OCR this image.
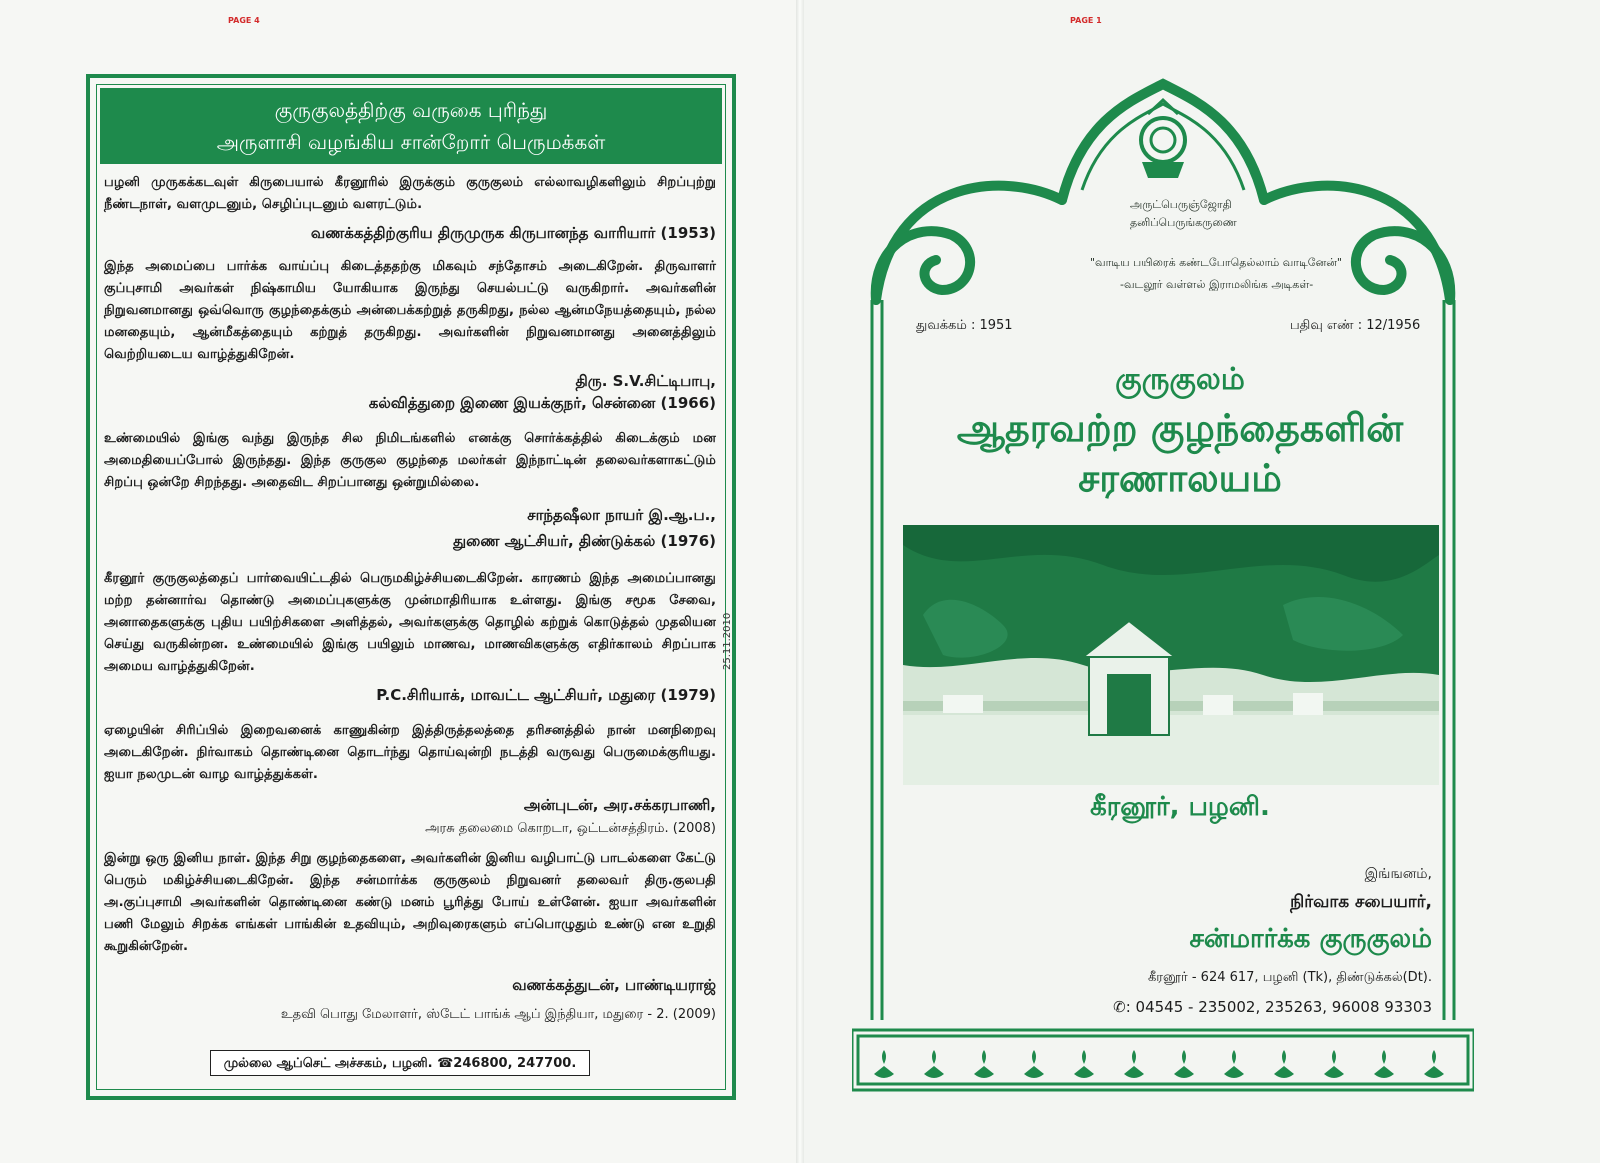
PAGE 4	PAGE 1
குருகுலத்திற்கு வருகை புரிந்து
அருளாசி வழங்கிய சான்றோர் பெருமக்கள்
பழனி முருகக்கடவுள் கிருபையால் கீரனூரில் இருக்கும் குருகுலம் எல்லாவழிகளிலும் சிறப்புற்று நீண்டநாள், வளமுடனும், செழிப்புடனும் வளரட்டும்.
வணக்கத்திற்குரிய திருமுருக கிருபானந்த வாரியார் (1953)
இந்த அமைப்பை பார்க்க வாய்ப்பு கிடைத்ததற்கு மிகவும் சந்தோசம் அடைகிறேன். திருவாளர் குப்புசாமி அவர்கள் நிஷ்காமிய யோகியாக இருந்து செயல்பட்டு வருகிறார். அவர்களின் நிறுவனமானது ஒவ்வொரு குழந்தைக்கும் அன்பைக்கற்றுத் தருகிறது, நல்ல ஆன்மநேயத்தையும், நல்ல மனதையும், ஆன்மீகத்தையும் கற்றுத் தருகிறது. அவர்களின் நிறுவனமானது அனைத்திலும் வெற்றியடைய வாழ்த்துகிறேன்.
திரு. S.V.சிட்டிபாபு,
கல்வித்துறை இணை இயக்குநர், சென்னை (1966)
உண்மையில் இங்கு வந்து இருந்த சில நிமிடங்களில் எனக்கு சொர்க்கத்தில் கிடைக்கும் மன அமைதியைப்போல் இருந்தது. இந்த குருகுல குழந்தை மலர்கள் இந்நாட்டின் தலைவர்களாகட்டும் சிறப்பு ஒன்றே சிறந்தது. அதைவிட சிறப்பானது ஒன்றுமில்லை.
சாந்தஷீலா நாயர் இ.ஆ.ப.,
துணை ஆட்சியர், திண்டுக்கல் (1976)
கீரனூர் குருகுலத்தைப் பார்வையிட்டதில் பெருமகிழ்ச்சியடைகிறேன். காரணம் இந்த அமைப்பானது மற்ற தன்னார்வ தொண்டு அமைப்புகளுக்கு முன்மாதிரியாக உள்ளது. இங்கு சமூக சேவை, அனாதைகளுக்கு புதிய பயிற்சிகளை அளித்தல், அவர்களுக்கு தொழில் கற்றுக் கொடுத்தல் முதலியன செய்து வருகின்றன. உண்மையில் இங்கு பயிலும் மாணவ, மாணவிகளுக்கு எதிர்காலம் சிறப்பாக அமைய வாழ்த்துகிறேன்.
P.C.சிரியாக், மாவட்ட ஆட்சியர், மதுரை (1979)
ஏழையின் சிரிப்பில் இறைவனைக் காணுகின்ற இத்திருத்தலத்தை தரிசனத்தில் நான் மனநிறைவு அடைகிறேன். நிர்வாகம் தொண்டினை தொடர்ந்து தொய்வுன்றி நடத்தி வருவது பெருமைக்குரியது. ஐயா நலமுடன் வாழ வாழ்த்துக்கள்.
அன்புடன், அர.சக்கரபாணி,
அரசு தலைமை கொறடா, ஒட்டன்சத்திரம். (2008)
இன்று ஒரு இனிய நாள். இந்த சிறு குழந்தைகளை, அவர்களின் இனிய வழிபாட்டு பாடல்களை கேட்டு பெரும் மகிழ்ச்சியடைகிறேன். இந்த சன்மார்க்க குருகுலம் நிறுவனர் தலைவர் திரு.குலபதி அ.குப்புசாமி அவர்களின் தொண்டினை கண்டு மனம் பூரித்து போய் உள்ளேன். ஐயா அவர்களின் பணி மேலும் சிறக்க எங்கள் பாங்கின் உதவியும், அறிவுரைகளும் எப்பொழுதும் உண்டு என உறுதி கூறுகின்றேன்.
வணக்கத்துடன், பாண்டியராஜ்
உதவி பொது மேலாளர், ஸ்டேட் பாங்க் ஆப் இந்தியா, மதுரை - 2. (2009)
25.11.2010
முல்லை ஆப்செட் அச்சகம், பழனி. ☎246800, 247700.
அருட்பெருஞ்ஜோதி
தனிப்பெருங்கருணை
"வாடிய பயிரைக் கண்டபோதெல்லாம் வாடினேன்"
-வடலூர் வள்ளல் இராமலிங்க அடிகள்-
துவக்கம் : 1951	பதிவு எண் : 12/1956
குருகுலம்
ஆதரவற்ற குழந்தைகளின்
சரணாலயம்
கீரனூர், பழனி.
இங்ஙனம்,
நிர்வாக சபையார்,
சன்மார்க்க குருகுலம்
கீரனூர் - 624 617, பழனி (Tk), திண்டுக்கல்(Dt).
✆: 04545 - 235002, 235263, 96008 93303
